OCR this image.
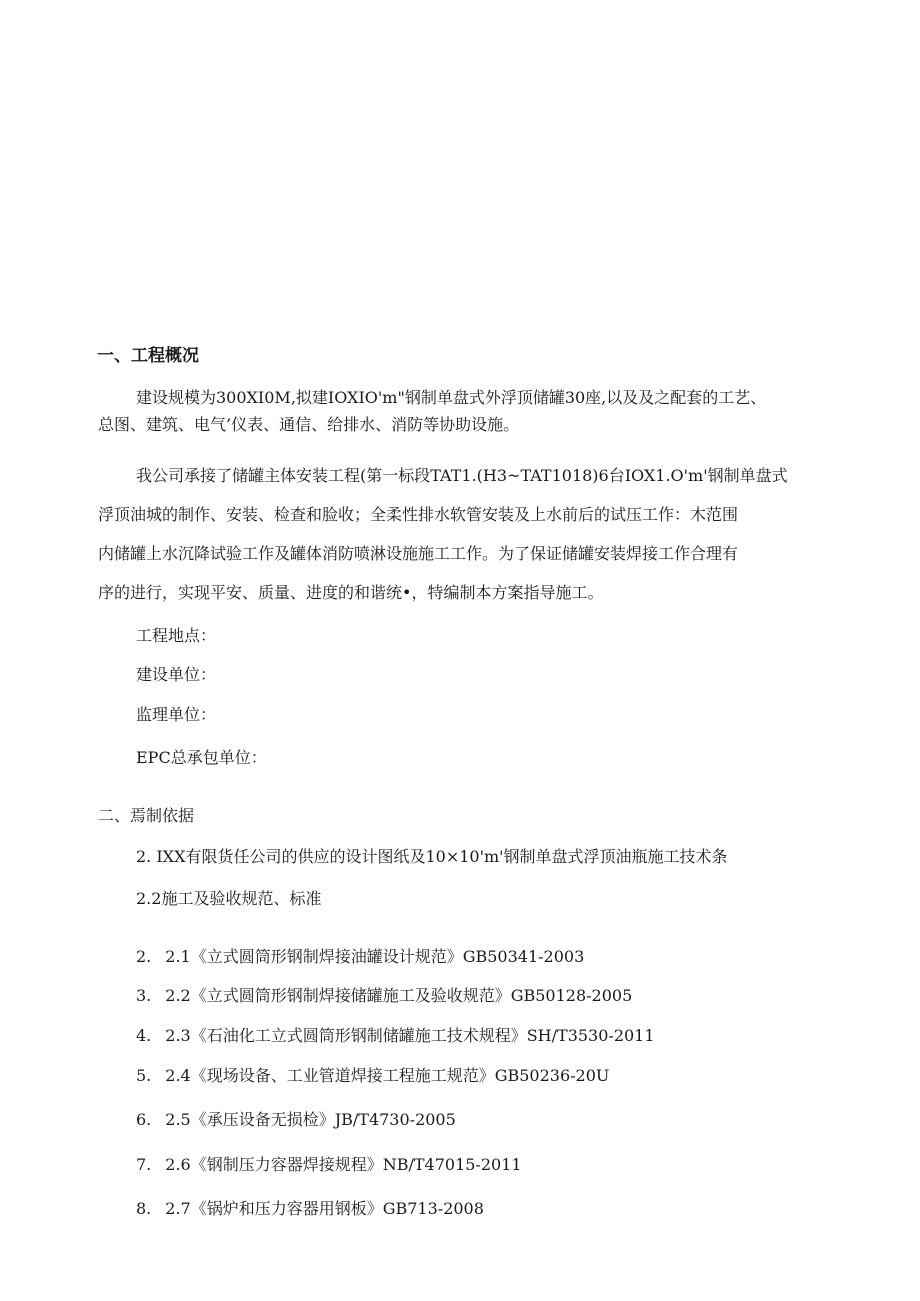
一、工程概况
建设规模为300XI0M,拟建IOXIO'm"钢制单盘式外浮顶储罐30座,以及及之配套的工艺、
总图、建筑、电气’仪表、通信、给排水、消防等协助设施。
我公司承接了储罐主体安装工程(第一标段TAT1.(H3~TAT1018)6台IOX1.O'm'钢制单盘式
浮顶油城的制作、安装、检查和脸收；全柔性排水软管安装及上水前后的试压工作：木范围
内储罐上水沉降试验工作及罐体消防喷淋设施施工工作。为了保证储罐安装焊接工作合理有
序的进行，实现平安、质量、进度的和谐统•，特编制本方案指导施工。
工程地点：
建设单位：
监理单位：
EPC总承包单位：
二、焉制依据
2. IXX有限货任公司的供应的设计图纸及10×10'm'钢制单盘式浮顶油瓶施工技术条
2.2施工及验收规范、标准
2. 2.1《立式圆筒形钢制焊接油罐设计规范》GB50341-2003
3. 2.2《立式圆筒形钢制焊接储罐施工及验收规范》GB50128-2005
4. 2.3《石油化工立式圆筒形钢制储罐施工技术规程》SH/T3530-2011
5. 2.4《现场设备、工业管道焊接工程施工规范》GB50236-20U
6. 2.5《承压设备无损检》JB/T4730-2005
7. 2.6《钢制压力容器焊接规程》NB/T47015-2011
8. 2.7《锅炉和压力容器用钢板》GB713-2008
